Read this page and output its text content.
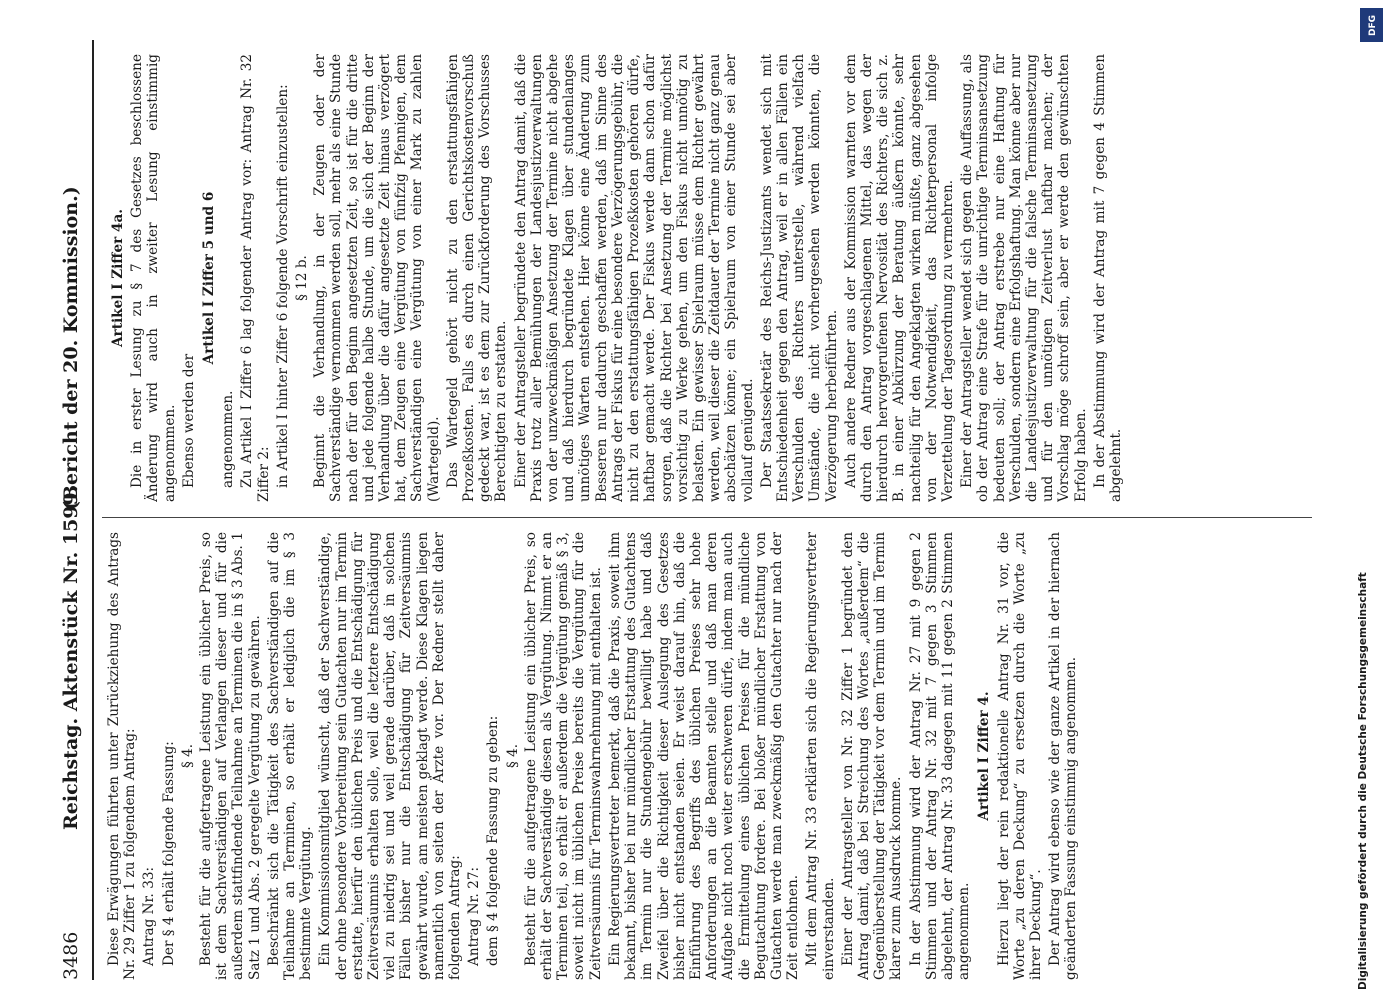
3486
Reichstag. Aktenstück Nr. 1599.
(Bericht der 20. Kommission.)

Diese Erwägungen führten unter Zurückziehung des Antrags Nr. 29 Ziffer 1 zu folgendem Antrag: Antrag Nr. 33: Der § 4 erhält folgende Fassung: § 4. Besteht für die aufgetragene Leistung ein üblicher Preis, so ist dem Sachverständigen auf Verlangen dieser und für die außerdem stattfindende Teilnahme an Terminen die in § 3 Abs. 1 Satz 1 und Abs. 2 geregelte Vergütung zu gewähren. Beschränkt sich die Tätigkeit des Sachverständigen auf die Teilnahme an Terminen, so erhält er lediglich die im § 3 bestimmte Vergütung. Ein Kommissionsmitglied wünscht, daß der Sachverständige, der ohne besondere Vorbereitung sein Gutachten nur im Termin erstatte, hierfür den üblichen Preis und die Entschädigung für Zeitversäumnis erhalten solle, weil die letztere Entschädigung viel zu niedrig sei und weil gerade darüber, daß in solchen Fällen bisher nur die Entschädigung für Zeitversäumnis gewährt wurde, am meisten geklagt werde. Diese Klagen liegen namentlich von seiten der Ärzte vor. Der Redner stellt daher folgenden Antrag: Antrag Nr. 27: dem § 4 folgende Fassung zu geben: § 4. Besteht für die aufgetragene Leistung ein üblicher Preis, so erhält der Sachverständige diesen als Vergütung. Nimmt er an Terminen teil, so erhält er außerdem die Vergütung gemäß § 3, soweit nicht im üblichen Preise bereits die Vergütung für die Zeitversäumnis für Terminswahrnehmung mit enthalten ist. Ein Regierungsvertreter bemerkt, daß die Praxis, soweit ihm bekannt, bisher bei nur mündlicher Erstattung des Gutachtens im Termin nur die Stundengebühr bewilligt habe und daß Zweifel über die Richtigkeit dieser Auslegung des Gesetzes bisher nicht entstanden seien. Er weist darauf hin, daß die Einführung des Begriffs des üblichen Preises sehr hohe Anforderungen an die Beamten stelle und daß man deren Aufgabe nicht noch weiter erschweren dürfe, indem man auch die Ermittelung eines üblichen Preises für die mündliche Begutachtung fordere. Bei bloßer mündlicher Erstattung von Gutachten werde man zweckmäßig den Gutachter nur nach der Zeit entlohnen. Mit dem Antrag Nr. 33 erklärten sich die Regierungsvertreter einverstanden. Einer der Antragsteller von Nr. 32 Ziffer 1 begründet den Antrag damit, daß bei Streichung des Wortes „außerdem“ die Gegenüberstellung der Tätigkeit vor dem Termin und im Termin klarer zum Ausdruck komme. In der Abstimmung wird der Antrag Nr. 27 mit 9 gegen 2 Stimmen und der Antrag Nr. 32 mit 7 gegen 3 Stimmen abgelehnt, der Antrag Nr. 33 dagegen mit 11 gegen 2 Stimmen angenommen.

Artikel I Ziffer 4. Hierzu liegt der rein redaktionelle Antrag Nr. 31 vor, die Worte „zu deren Deckung“ zu ersetzen durch die Worte „zu ihrer Deckung“. Der Antrag wird ebenso wie der ganze Artikel in der hiernach geänderten Fassung einstimmig angenommen.

Artikel I Ziffer 4a. Die in erster Lesung zu § 7 des Gesetzes beschlossene Änderung wird auch in zweiter Lesung einstimmig angenommen. Ebenso werden der

Artikel I Ziffer 5 und 6

angenommen. Zu Artikel I Ziffer 6 lag folgender Antrag vor: Antrag Nr. 32 Ziffer 2: in Artikel I hinter Ziffer 6 folgende Vorschrift einzustellen: § 12 b. Beginnt die Verhandlung, in der Zeugen oder der Sachverständige vernommen werden soll, mehr als eine Stunde nach der für den Beginn angesetzten Zeit, so ist für die dritte und jede folgende halbe Stunde, um die sich der Beginn der Verhandlung über die dafür angesetzte Zeit hinaus verzögert hat, dem Zeugen eine Vergütung von fünfzig Pfennigen, dem Sachverständigen eine Vergütung von einer Mark zu zahlen (Wartegeld). Das Wartegeld gehört nicht zu den erstattungsfähigen Prozeßkosten. Falls es durch einen Gerichtskostenvorschuß gedeckt war, ist es dem zur Zurückforderung des Vorschusses Berechtigten zu erstatten. Einer der Antragsteller begründete den Antrag damit, daß die Praxis trotz aller Bemühungen der Landesjustizverwaltungen von der unzweckmäßigen Ansetzung der Termine nicht abgehe und daß hierdurch begründete Klagen über stundenlanges unnötiges Warten entstehen. Hier könne eine Änderung zum Besseren nur dadurch geschaffen werden, daß im Sinne des Antrags der Fiskus für eine besondere Verzögerungsgebühr, die nicht zu den erstattungsfähigen Prozeßkosten gehören dürfe, haftbar gemacht werde. Der Fiskus werde dann schon dafür sorgen, daß die Richter bei Ansetzung der Termine möglichst vorsichtig zu Werke gehen, um den Fiskus nicht unnötig zu belasten. Ein gewisser Spielraum müsse dem Richter gewährt werden, weil dieser die Zeitdauer der Termine nicht ganz genau abschätzen könne; ein Spielraum von einer Stunde sei aber vollauf genügend. Der Staatssekretär des Reichs-Justizamts wendet sich mit Entschiedenheit gegen den Antrag, weil er in allen Fällen ein Verschulden des Richters unterstelle, während vielfach Umstände, die nicht vorhergesehen werden könnten, die Verzögerung herbeiführten. Auch andere Redner aus der Kommission warnten vor dem durch den Antrag vorgeschlagenen Mittel, das wegen der hierdurch hervorgerufenen Nervosität des Richters, die sich z. B. in einer Abkürzung der Beratung äußern könnte, sehr nachteilig für den Angeklagten wirken müßte, ganz abgesehen von der Notwendigkeit, das Richterpersonal infolge Verzettelung der Tagesordnung zu vermehren. Einer der Antragsteller wendet sich gegen die Auffassung, als ob der Antrag eine Strafe für die unrichtige Terminsansetzung bedeuten soll; der Antrag erstrebe nur eine Haftung für Verschulden, sondern eine Erfolgshaftung. Man könne aber nur die Landesjustizverwaltung für die falsche Terminsansetzung und für den unnötigen Zeitverlust haftbar machen; der Vorschlag möge schroff sein, aber er werde den gewünschten Erfolg haben. In der Abstimmung wird der Antrag mit 7 gegen 4 Stimmen abgelehnt.

Digitalisierung gefördert durch die Deutsche Forschungsgemeinschaft
DFG
